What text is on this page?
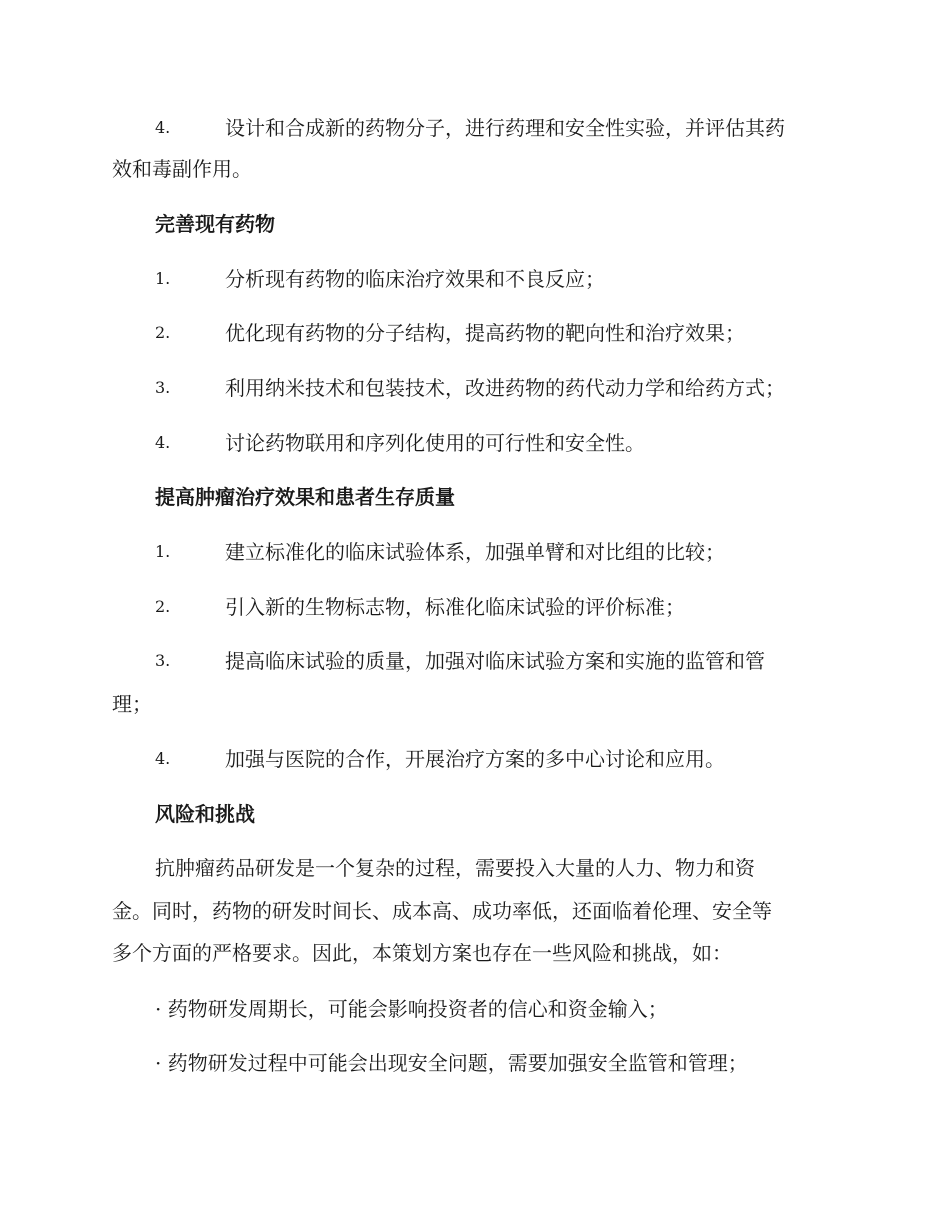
4.	设计和合成新的药物分子，进行药理和安全性实验，并评估其药
效和毒副作用。
完善现有药物
1.	分析现有药物的临床治疗效果和不良反应；
2.	优化现有药物的分子结构，提高药物的靶向性和治疗效果；
3.	利用纳米技术和包装技术，改进药物的药代动力学和给药方式；
4.	讨论药物联用和序列化使用的可行性和安全性。
提高肿瘤治疗效果和患者生存质量
1.	建立标准化的临床试验体系，加强单臂和对比组的比较；
2.	引入新的生物标志物，标准化临床试验的评价标准；
3.	提高临床试验的质量，加强对临床试验方案和实施的监管和管
理；
4.	加强与医院的合作，开展治疗方案的多中心讨论和应用。
风险和挑战
抗肿瘤药品研发是一个复杂的过程，需要投入大量的人力、物力和资
金。同时，药物的研发时间长、成本高、成功率低，还面临着伦理、安全等
多个方面的严格要求。因此，本策划方案也存在一些风险和挑战，如：
· 药物研发周期长，可能会影响投资者的信心和资金输入；
· 药物研发过程中可能会出现安全问题，需要加强安全监管和管理；
